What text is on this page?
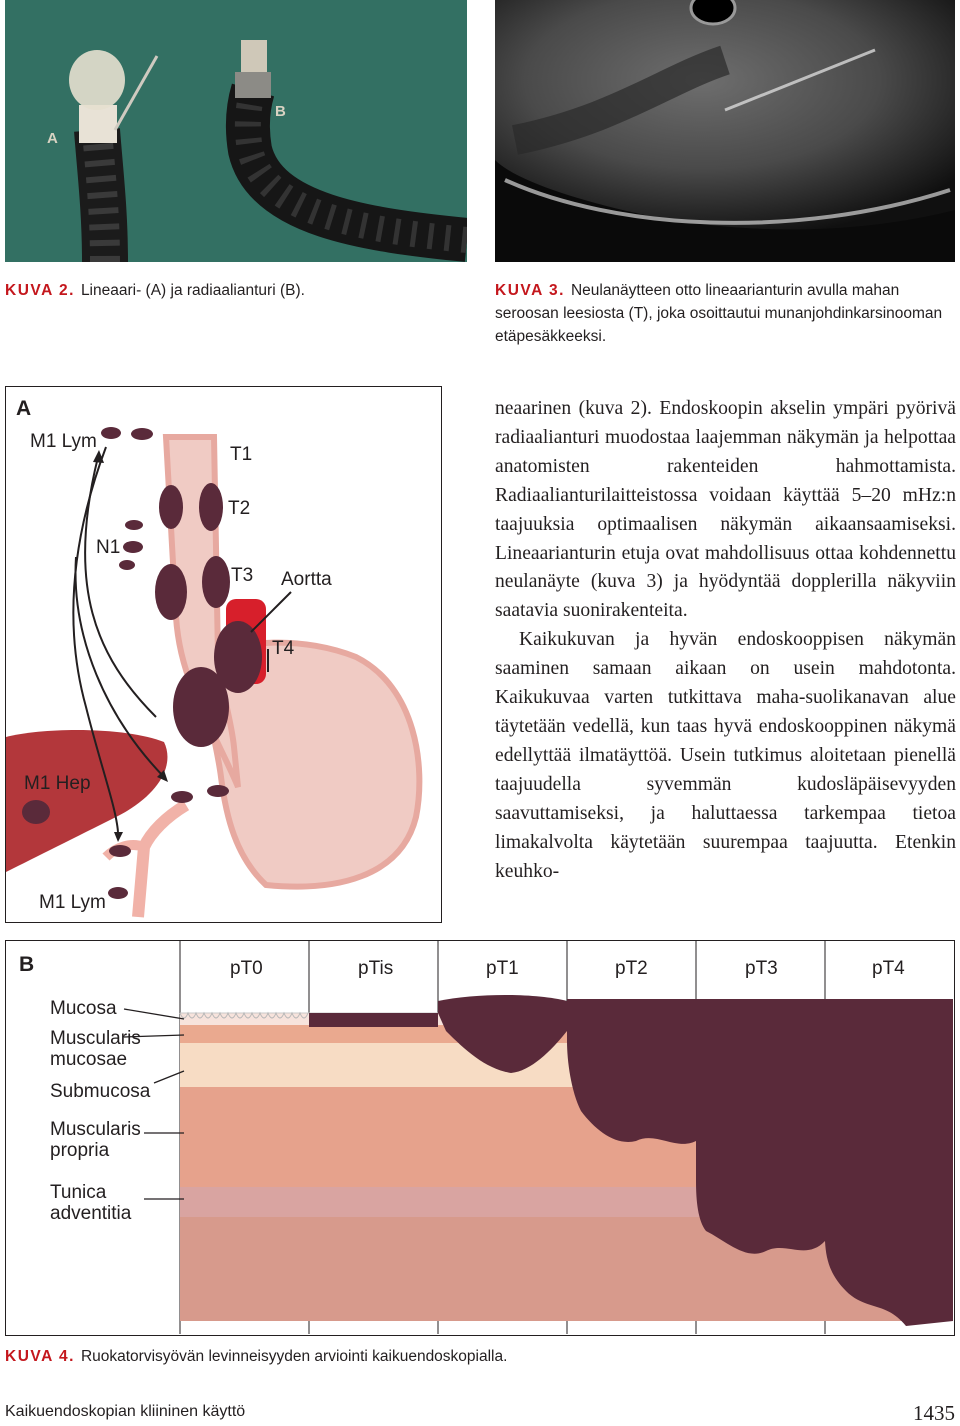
A
B
KUVA 2. Lineaari- (A) ja radiaalianturi (B).	KUVA 3. Neulanäytteen otto lineaarianturin avulla mahan seroosan leesiosta (T), joka osoittautui munanjohdinkarsinooman etäpesäkkeeksi.
A
M1 Lym
N1
T1
T2
T3 Aortta
T4
M1 Hep
M1 Lym

neaarinen (kuva 2). Endoskoopin akselin ympäri pyörivä radiaalianturi muodostaa laajemman näkymän ja helpottaa anatomisten rakenteiden hahmottamista. Radiaalianturilaitteistossa voidaan käyttää 5–20 mHz:n taajuuksia optimaalisen näkymän aikaansaamiseksi. Lineaarianturin etuja ovat mahdollisuus ottaa kohdennettu neulanäyte (kuva 3) ja hyödyntää dopplerilla näkyviin saatavia suonirakenteita.

Kaikukuvan ja hyvän endoskooppisen näkymän saaminen samaan aikaan on usein mahdotonta. Kaikukuvaa varten tutkittava maha-suolikanavan alue täytetään vedellä, kun taas hyvä endoskooppinen näkymä edellyttää ilmatäyttöä. Usein tutkimus aloitetaan pienellä taajuudella syvemmän kudosläpäisevyyden saavuttamiseksi, ja haluttaessa tarkempaa tietoa limakalvolta käytetään suurempaa taajuutta. Etenkin keuhko-

B	pT0	pTis	pT1	pT2	pT3	pT4
Mucosa
Muscularis
mucosae
Submucosa
Muscularis
propria
Tunica
adventitia
KUVA 4. Ruokatorvisyövän levinneisyyden arviointi kaikuendoskopialla.
Kaikuendoskopian kliininen käyttö	1435
